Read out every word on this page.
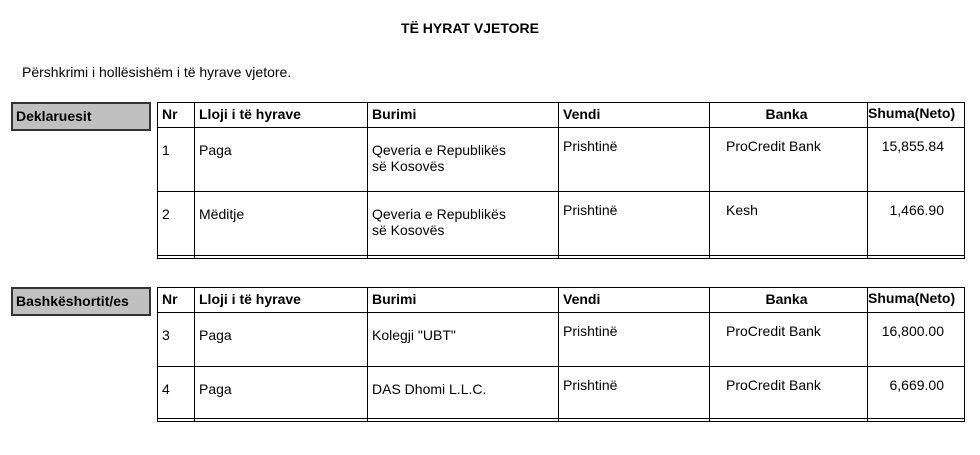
TË HYRAT VJETORE
Përshkrimi i hollësishëm i të hyrave vjetore.
Deklaruesit	Nr	Lloji i të hyrave	Burimi	Vendi	Banka	Shuma(Neto)
1	Paga	Qeveria e Republikës
së Kosovës	Prishtinë	ProCredit Bank	15,855.84
2	Mëditje	Qeveria e Republikës
së Kosovës	Prishtinë	Kesh	1,466.90

Bashkëshortit/es	Nr	Lloji i të hyrave	Burimi	Vendi	Banka	Shuma(Neto)
3	Paga	Kolegji "UBT"	Prishtinë	ProCredit Bank	16,800.00
4	Paga	DAS Dhomi L.L.C.	Prishtinë	ProCredit Bank	6,669.00
